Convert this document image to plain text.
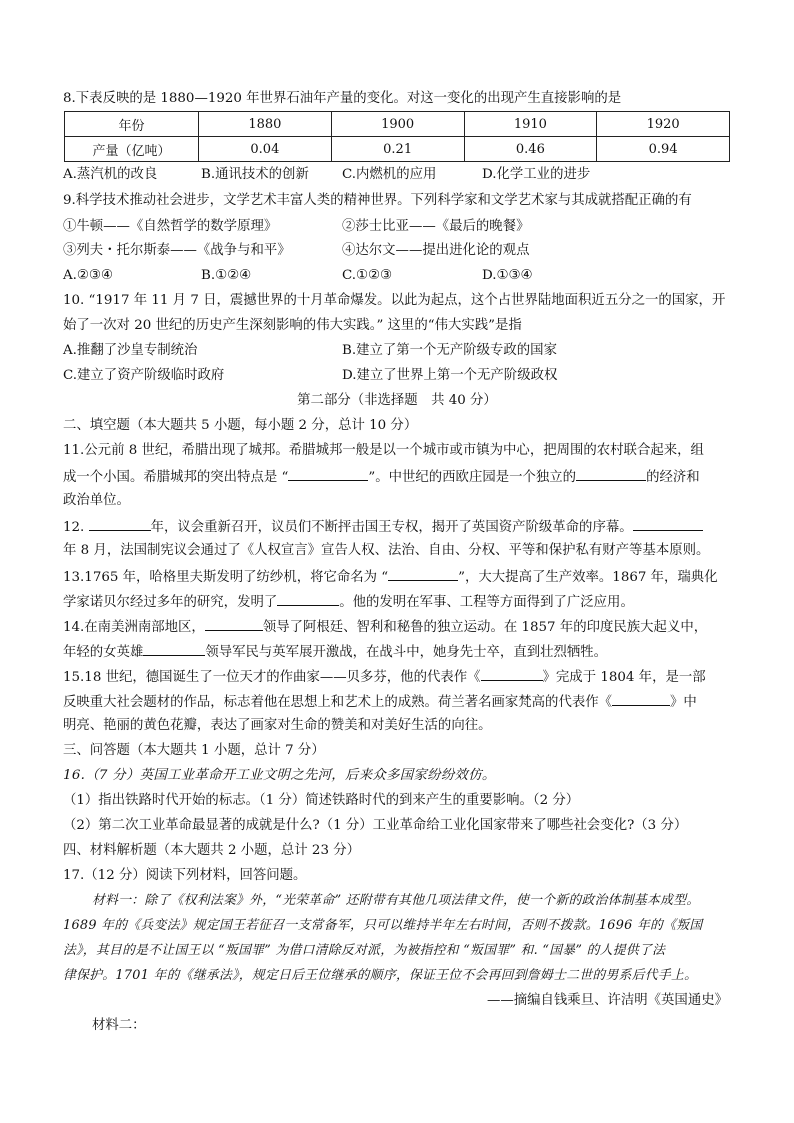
8.下表反映的是 1880—1920 年世界石油年产量的变化。对这一变化的出现产生直接影响的是
年份	1880	1900	1910	1920
产量（亿吨）	0.04	0.21	0.46	0.94
A.蒸汽机的改良	B.通讯技术的创新 C.内燃机的应用	D.化学工业的进步
9.科学技术推动社会进步，文学艺术丰富人类的精神世界。下列科学家和文学艺术家与其成就搭配正确的有
①牛顿——《自然哲学的数学原理》	②莎士比亚——《最后的晚餐》
③列夫・托尔斯泰——《战争与和平》	④达尔文——提出进化论的观点
A.②③④	B.①②④	C.①②③	D.①③④
10. “1917 年 11 月 7 日，震撼世界的十月革命爆发。以此为起点，这个占世界陆地面积近五分之一的国家，开
始了一次对 20 世纪的历史产生深刻影响的伟大实践。” 这里的“伟大实践”是指
A.推翻了沙皇专制统治	B.建立了第一个无产阶级专政的国家
C.建立了资产阶级临时政府	D.建立了世界上第一个无产阶级政权
第二部分（非选择题　共 40 分）
二、填空题（本大题共 5 小题，每小题 2 分，总计 10 分）
11.公元前 8 世纪，希腊出现了城邦。希腊城邦一般是以一个城市或市镇为中心，把周围的农村联合起来，组
成一个小国。希腊城邦的突出特点是 “	”。中世纪的西欧庄园是一个独立的	的经济和
政治单位。
12.	年，议会重新召开，议员们不断抨击国王专权，揭开了英国资产阶级革命的序幕。
年 8 月，法国制宪议会通过了《人权宣言》宣告人权、法治、自由、分权、平等和保护私有财产等基本原则。
13.1765 年，哈格里夫斯发明了纺纱机，将它命名为 “	”，大大提高了生产效率。1867 年，瑞典化
学家诺贝尔经过多年的研究，发明了	。他的发明在军事、工程等方面得到了广泛应用。
14.在南美洲南部地区，	领导了阿根廷、智利和秘鲁的独立运动。在 1857 年的印度民族大起义中，
年轻的女英雄	领导军民与英军展开激战，在战斗中，她身先士卒，直到壮烈牺牲。
15.18 世纪，德国诞生了一位天才的作曲家——贝多芬，他的代表作《	》完成于 1804 年，是一部
反映重大社会题材的作品，标志着他在思想上和艺术上的成熟。荷兰著名画家梵高的代表作《	》中
明亮、艳丽的黄色花瓣，表达了画家对生命的赞美和对美好生活的向往。
三、问答题（本大题共 1 小题，总计 7 分）
16.（7 分）英国工业革命开工业文明之先河，后来众多国家纷纷效仿。
（1）指出铁路时代开始的标志。（1 分）简述铁路时代的到来产生的重要影响。（2 分）
（2）第二次工业革命最显著的成就是什么?（1 分）工业革命给工业化国家带来了哪些社会变化?（3 分）
四、材料解析题（本大题共 2 小题，总计 23 分）
17.（12 分）阅读下列材料，回答问题。
材料一：除了《权利法案》外，“光荣革命” 还附带有其他几项法律文件，使一个新的政治体制基本成型。
1689 年的《兵变法》规定国王若征召一支常备军，只可以维持半年左右时间，否则不拨款。1696 年的《叛国
法》，其目的是不让国王以 “叛国罪” 为借口清除反对派，为被指控和 “叛国罪” 和. “国暴” 的人提供了法
律保护。1701 年的《继承法》，规定日后王位继承的顺序，保证王位不会再回到詹姆士二世的男系后代手上。
——摘编自钱乘旦、许洁明《英国通史》
材料二：
